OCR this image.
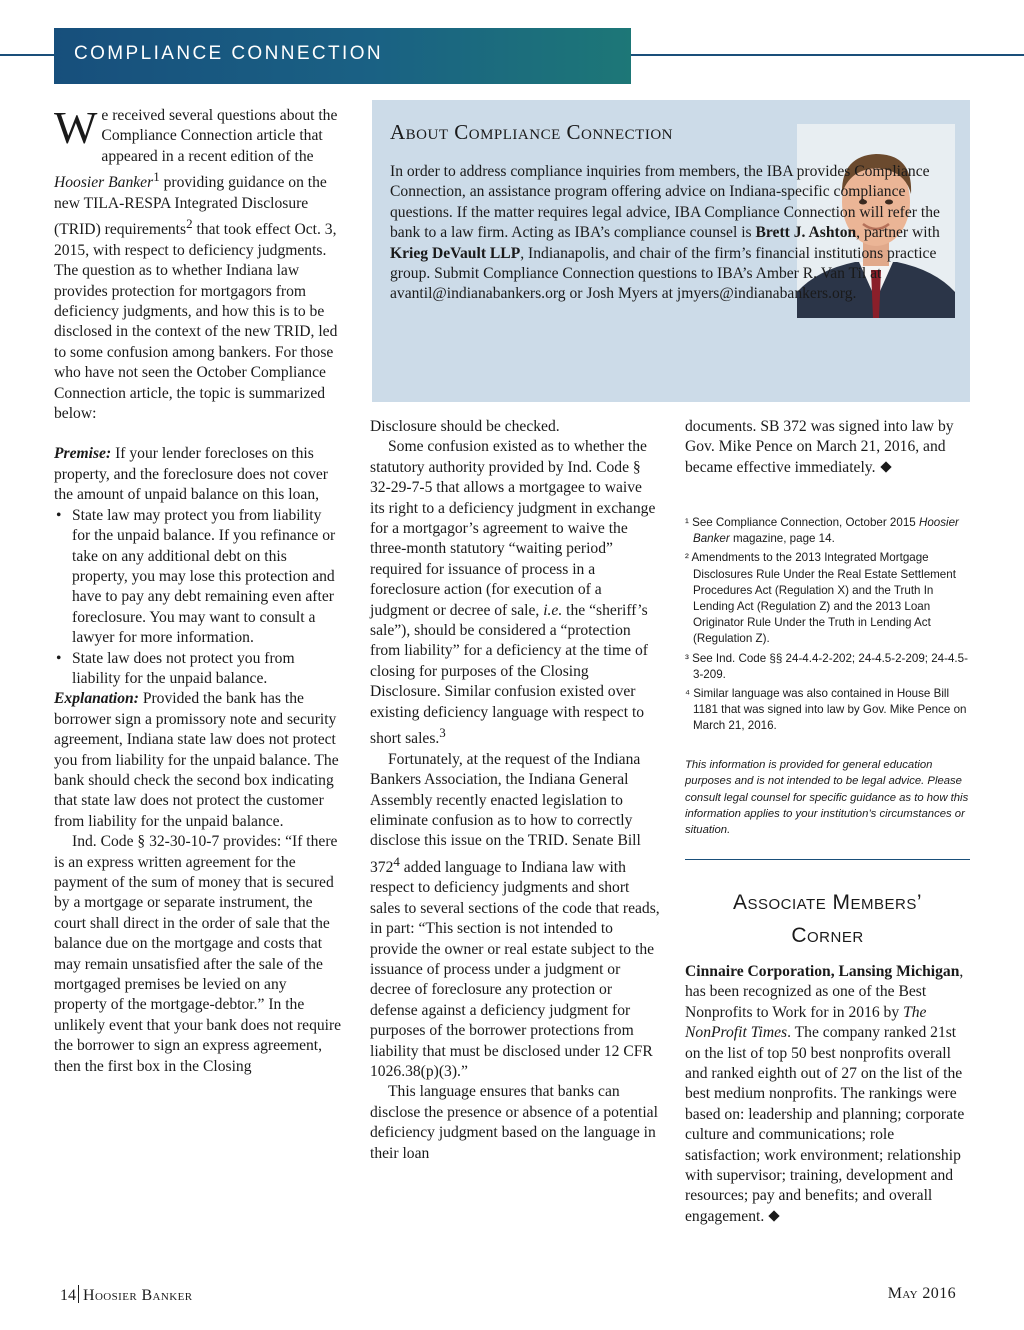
COMPLIANCE CONNECTION

We received several questions about the Compliance Connection article that appeared in a recent edition of the Hoosier Banker$^1$ providing guidance on the new TILA-RESPA Integrated Disclosure (TRID) requirements$^2$ that took effect Oct. 3, 2015, with respect to deficiency judgments. The question as to whether Indiana law provides protection for mortgagors from deficiency judgments, and how this is to be disclosed in the context of the new TRID, led to some confusion among bankers. For those who have not seen the October Compliance Connection article, the topic is summarized below:

Premise: If your lender forecloses on this property, and the foreclosure does not cover the amount of unpaid balance on this loan,

• State law may protect you from liability for the unpaid balance. If you refinance or take on any additional debt on this property, you may lose this protection and have to pay any debt remaining even after foreclosure. You may want to consult a lawyer for more information.
• State law does not protect you from liability for the unpaid balance.

Explanation: Provided the bank has the borrower sign a promissory note and security agreement, Indiana state law does not protect you from liability for the unpaid balance. The bank should check the second box indicating that state law does not protect the customer from liability for the unpaid balance.

Ind. Code § 32-30-10-7 provides: “If there is an express written agreement for the payment of the sum of money that is secured by a mortgage or separate instrument, the court shall direct in the order of sale that the balance due on the mortgage and costs that may remain unsatisfied after the sale of the mortgaged premises be levied on any property of the mortgage-debtor.” In the unlikely event that your bank does not require the borrower to sign an express agreement, then the first box in the Closing

About Compliance Connection
In order to address compliance inquiries from members, the IBA provides Compliance Connection, an assistance program offering advice on Indiana-specific compliance questions. If the matter requires legal advice, IBA Compliance Connection will refer the bank to a law firm. Acting as IBA’s compliance counsel is Brett J. Ashton, partner with Krieg DeVault LLP, Indianapolis, and chair of the firm’s financial institutions practice group. Submit Compliance Connection questions to IBA’s Amber R. Van Til at avantil@indianabankers.org or Josh Myers at jmyers@indianabankers.org.

Disclosure should be checked.

Some confusion existed as to whether the statutory authority provided by Ind. Code § 32-29-7-5 that allows a mortgagee to waive its right to a deficiency judgment in exchange for a mortgagor’s agreement to waive the three-month statutory “waiting period” required for issuance of process in a foreclosure action (for execution of a judgment or decree of sale, i.e. the “sheriff’s sale”), should be considered a “protection from liability” for a deficiency at the time of closing for purposes of the Closing Disclosure. Similar confusion existed over existing deficiency language with respect to short sales.$^3$

Fortunately, at the request of the Indiana Bankers Association, the Indiana General Assembly recently enacted legislation to eliminate confusion as to how to correctly disclose this issue on the TRID. Senate Bill $372^4$ added language to Indiana law with respect to deficiency judgments and short sales to several sections of the code that reads, in part: “This section is not intended to provide the owner or real estate subject to the issuance of process under a judgment or decree of foreclosure any protection or defense against a deficiency judgment for purposes of the borrower protections from liability that must be disclosed under 12 CFR 1026.38(p)(3).”

This language ensures that banks can disclose the presence or absence of a potential deficiency judgment based on the language in their loan

documents. SB 372 was signed into law by Gov. Mike Pence on March 21, 2016, and became effective immediately.

¹ See Compliance Connection, October 2015 Hoosier Banker magazine, page 14.

² Amendments to the 2013 Integrated Mortgage Disclosures Rule Under the Real Estate Settlement Procedures Act (Regulation X) and the Truth In Lending Act (Regulation Z) and the 2013 Loan Originator Rule Under the Truth in Lending Act (Regulation Z).

³ See Ind. Code §§ 24-4.4-2-202; 24-4.5-2-209; 24-4.5-3-209.

⁴ Similar language was also contained in House Bill 1181 that was signed into law by Gov. Mike Pence on March 21, 2016.

This information is provided for general education purposes and is not intended to be legal advice. Please consult legal counsel for specific guidance as to how this information applies to your institution’s circumstances or situation.
Associate Members’
Corner

Cinnaire Corporation, Lansing Michigan, has been recognized as one of the Best Nonprofits to Work for in 2016 by The NonProfit Times. The company ranked 21st on the list of top 50 best nonprofits overall and ranked eighth out of 27 on the list of the best medium nonprofits. The rankings were based on: leadership and planning; corporate culture and communications; role satisfaction; work environment; relationship with supervisor; training, development and resources; pay and benefits; and overall engagement.

14 Hoosier Banker	May 2016
